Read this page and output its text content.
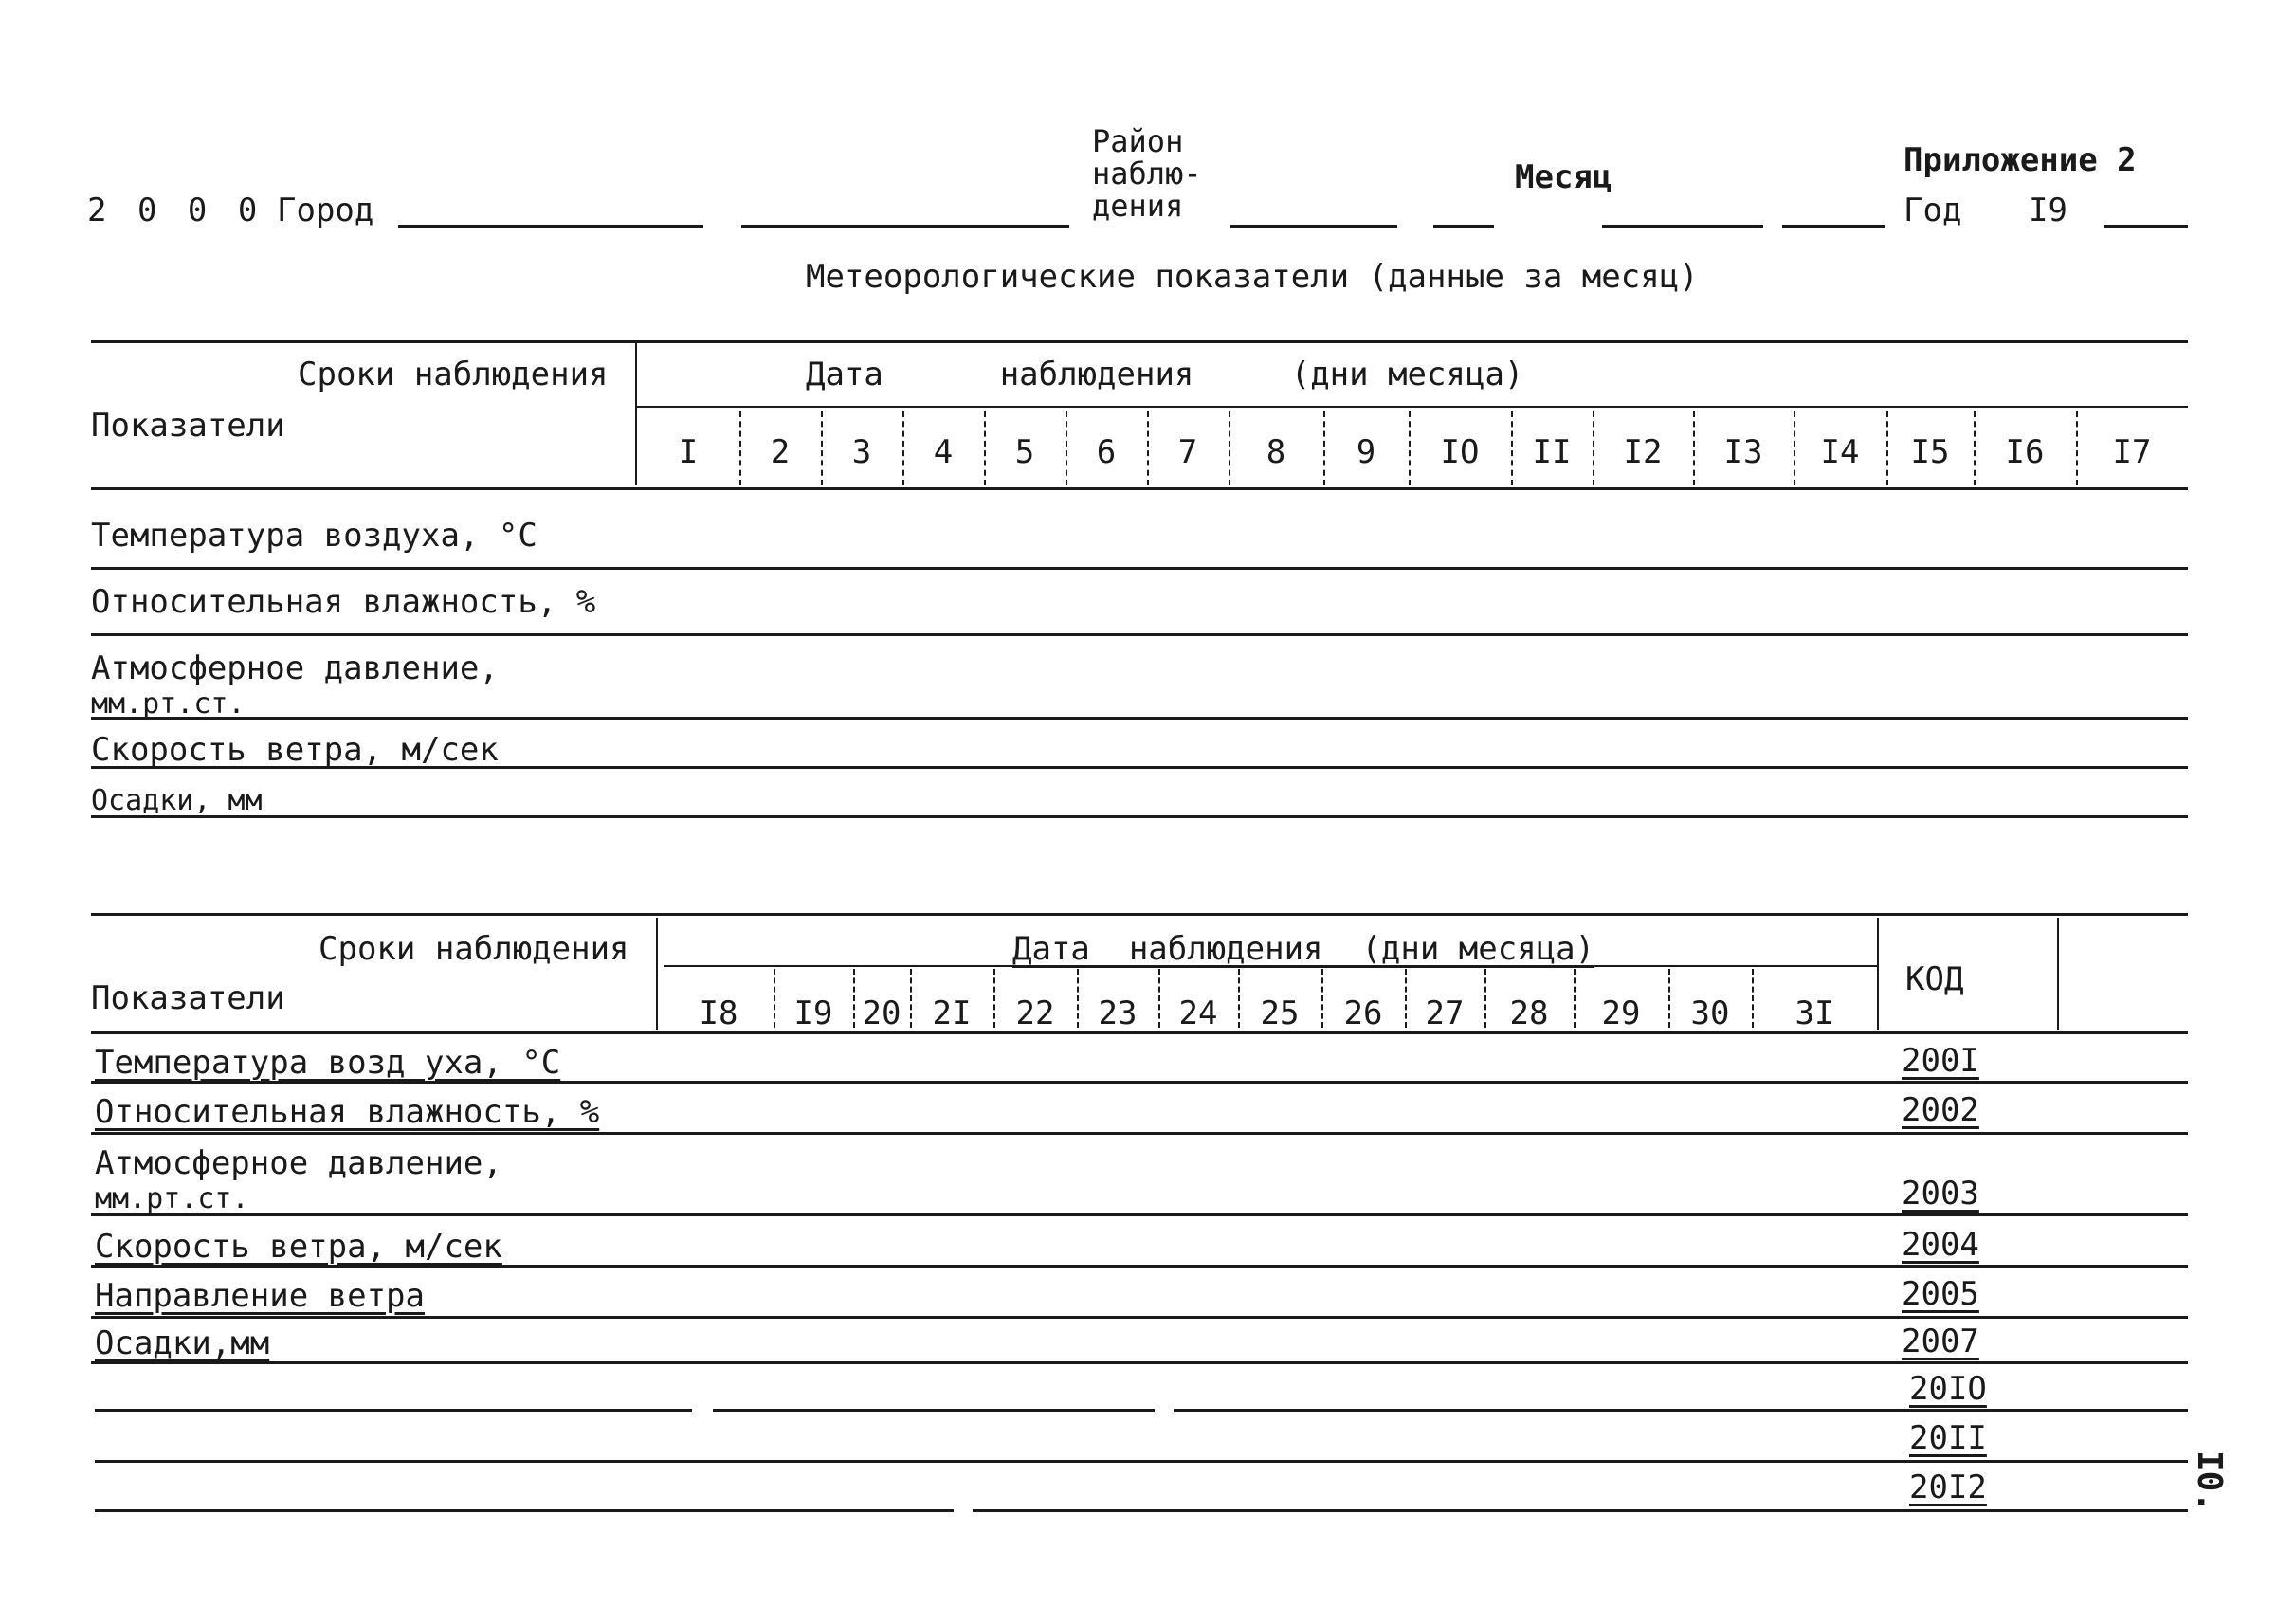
2 0 0 0 Город
Район
наблю-
дения
Месяц	Приложение 2
Год I9
Метеорологические показатели (данные за месяц)
Сроки наблюдения	Дата      наблюдения     (дни месяца)
Показатели
I 2 3 4 5 6 7 8 9 IO II I2 I3 I4 I5 I6 I7
Температура воздуха, °C
Относительная влажность, %
Атмосферное давление,
мм.рт.ст.
Скорость ветра, м/сек
Осадки, мм
Сроки наблюдения	Дата  наблюдения  (дни месяца)
Показатели	I8 I9 20 2I 22 23 24 25 26 27 28 29 30 3I
КОД
Температура возд уха, °C	200I
Относительная влажность, %	2002
Атмосферное давление,
мм.рт.ст.	2003
Скорость ветра, м/сек	2004
Направление ветра	2005
Осадки,мм	2007
20IO
20II
20I2	I0.
